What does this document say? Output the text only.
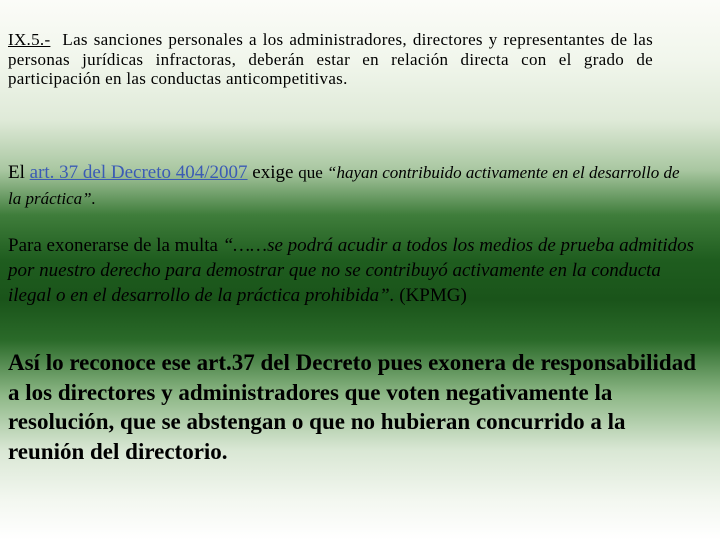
IX.5.- Las sanciones personales a los administradores, directores y representantes de las personas jurídicas infractoras, deberán estar en relación directa con el grado de participación en las conductas anticompetitivas.

El art. 37 del Decreto 404/2007 exige que “hayan contribuido activamente en el desarrollo de la práctica”.

Para exonerarse de la multa “……se podrá acudir a todos los medios de prueba admitidos por nuestro derecho para demostrar que no se contribuyó activamente en la conducta ilegal o en el desarrollo de la práctica prohibida”. (KPMG)

Así lo reconoce ese art.37 del Decreto pues exonera de responsabilidad a los directores y administradores que voten negativamente la resolución, que se abstengan o que no hubieran concurrido a la reunión del directorio.
